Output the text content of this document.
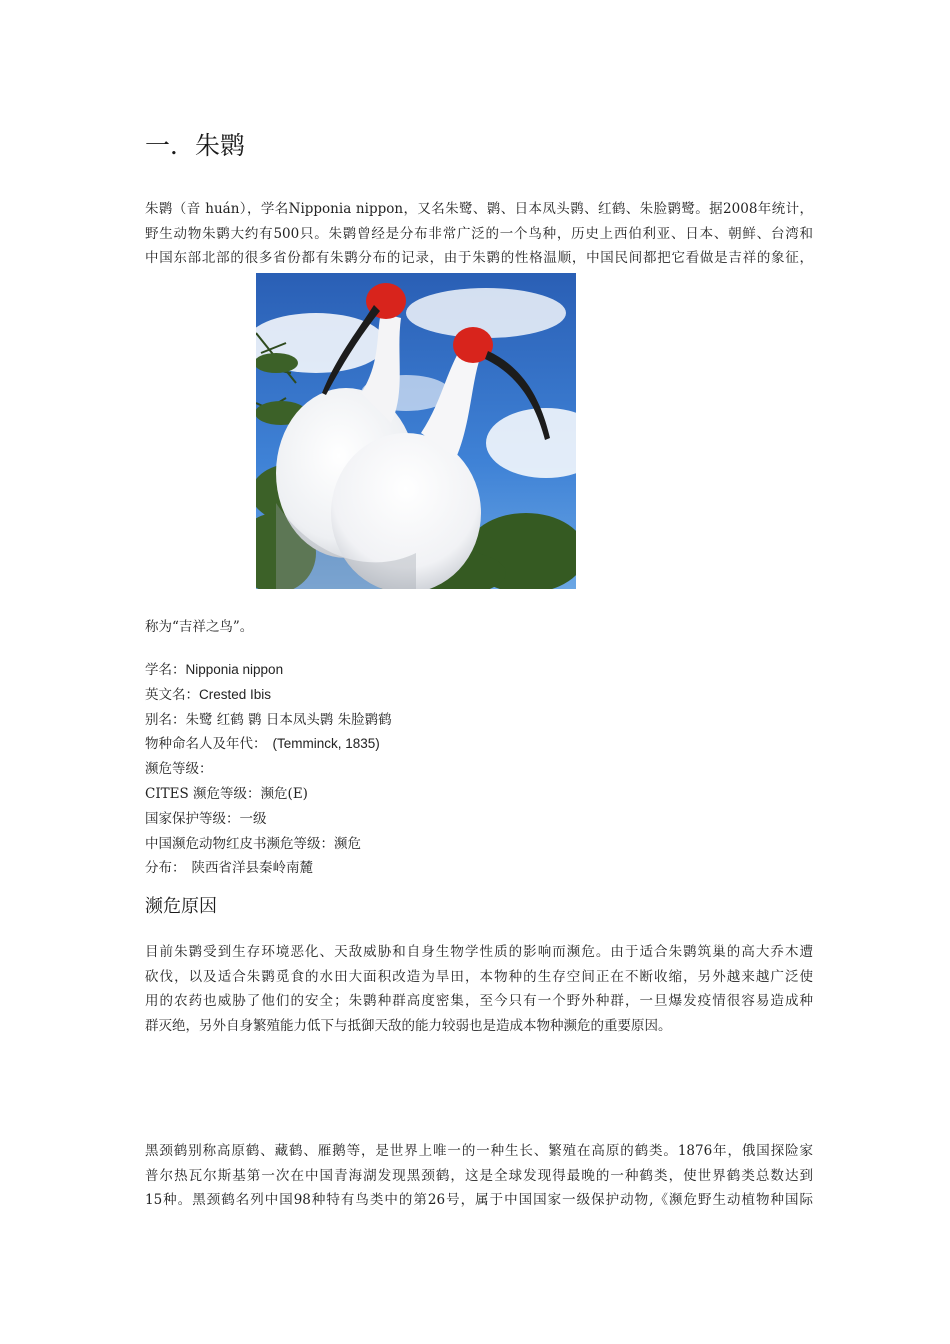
一．朱鹮

朱鹮（音 huán），学名Nipponia nippon，又名朱鹭、鹮、日本凤头鹮、红鹤、朱脸鹮鹭。据2008年统计，
野生动物朱鹮大约有500只。朱鹮曾经是分布非常广泛的一个鸟种，历史上西伯利亚、日本、朝鲜、台湾和
中国东部北部的很多省份都有朱鹮分布的记录，由于朱鹮的性格温顺，中国民间都把它看做是吉祥的象征，

称为“吉祥之鸟”。

学名：Nipponia nippon
英文名：Crested Ibis
别名：朱鹭 红鹤 鹮 日本凤头鹮 朱脸鹮鹤
物种命名人及年代： (Temminck, 1835)
濒危等级：
CITES 濒危等级：濒危(E)
国家保护等级：一级
中国濒危动物红皮书濒危等级：濒危
分布： 陕西省洋县秦岭南麓
濒危原因

目前朱鹮受到生存环境恶化、天敌威胁和自身生物学性质的影响而濒危。由于适合朱鹮筑巢的高大乔木遭
砍伐，以及适合朱鹮觅食的水田大面积改造为旱田，本物种的生存空间正在不断收缩，另外越来越广泛使
用的农药也威胁了他们的安全；朱鹮种群高度密集，至今只有一个野外种群，一旦爆发疫情很容易造成种
群灭绝，另外自身繁殖能力低下与抵御天敌的能力较弱也是造成本物种濒危的重要原因。

黑颈鹤别称高原鹤、藏鹤、雁鹅等，是世界上唯一的一种生长、繁殖在高原的鹤类。1876年，俄国探险家
普尔热瓦尔斯基第一次在中国青海湖发现黑颈鹤，这是全球发现得最晚的一种鹤类，使世界鹤类总数达到
15种。黑颈鹤名列中国98种特有鸟类中的第26号，属于中国国家一级保护动物,《濒危野生动植物种国际
